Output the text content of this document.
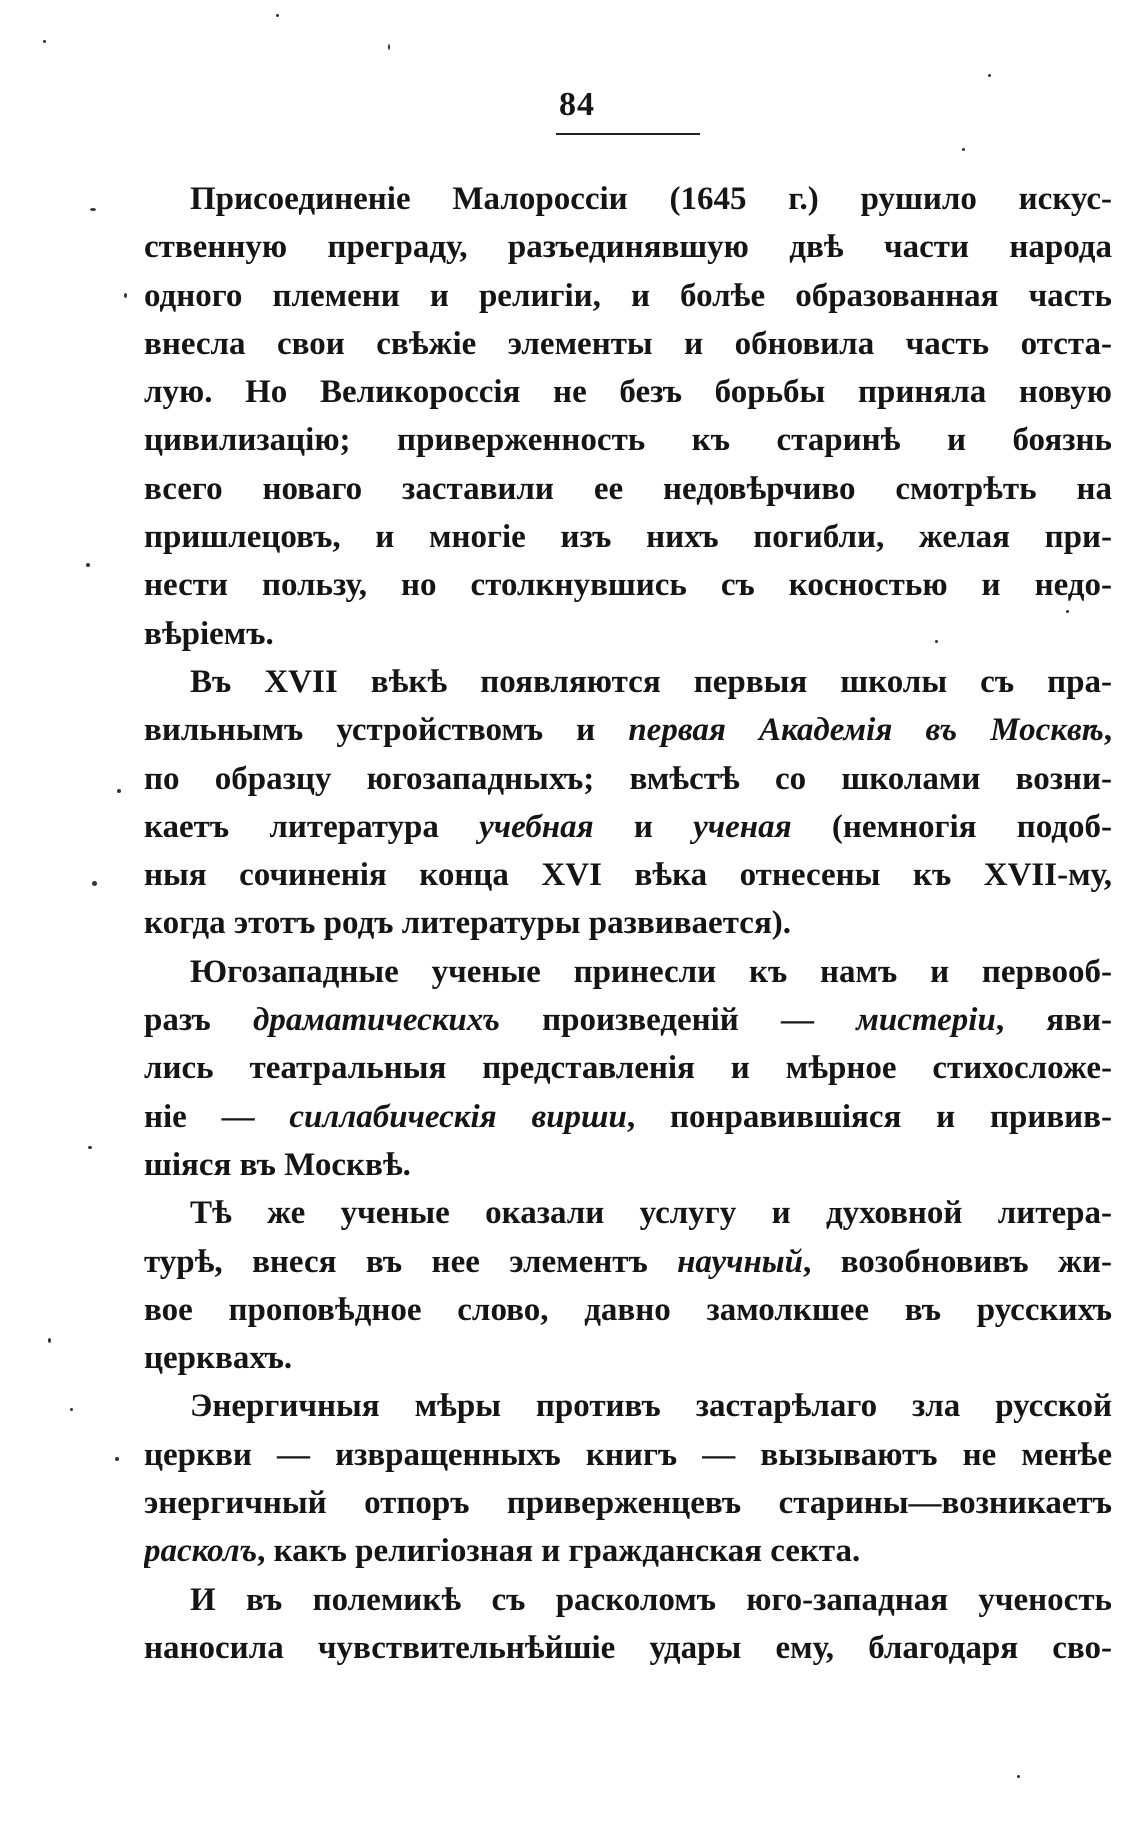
84
Присоединеніе Малороссіи (1645 г.) рушило искус-
ственную преграду, разъединявшую двѣ части народа
одного племени и религіи, и болѣе образованная часть
внесла свои свѣжіе элементы и обновила часть отста-
лую. Но Великороссія не безъ борьбы приняла новую
цивилизацію; приверженность къ старинѣ и боязнь
всего новаго заставили ее недовѣрчиво смотрѣть на
пришлецовъ, и многіе изъ нихъ погибли, желая при-
нести пользу, но столкнувшись съ косностью и недо-
вѣріемъ.
Въ XVII вѣкѣ появляются первыя школы съ пра-
вильнымъ устройствомъ и первая Академія въ Москвѣ,
по образцу югозападныхъ; вмѣстѣ со школами возни-
каетъ литература учебная и ученая (немногія подоб-
ныя сочиненія конца XVI вѣка отнесены къ XVII-му,
когда этотъ родъ литературы развивается).
Югозападные ученые принесли къ намъ и первооб-
разъ драматическихъ произведеній — мистеріи, яви-
лись театральныя представленія и мѣрное стихосложе-
ніе — силлабическія вирши, понравившіяся и привив-
шіяся въ Москвѣ.
Тѣ же ученые оказали услугу и духовной литера-
турѣ, внеся въ нее элементъ научный, возобновивъ жи-
вое проповѣдное слово, давно замолкшее въ русскихъ
церквахъ.
Энергичныя мѣры противъ застарѣлаго зла русской
церкви — извращенныхъ книгъ — вызываютъ не менѣе
энергичный отпоръ приверженцевъ старины—возникаетъ
расколъ, какъ религіозная и гражданская секта.
И въ полемикѣ съ расколомъ юго-западная ученость
наносила чувствительнѣйшіе удары ему, благодаря сво-
